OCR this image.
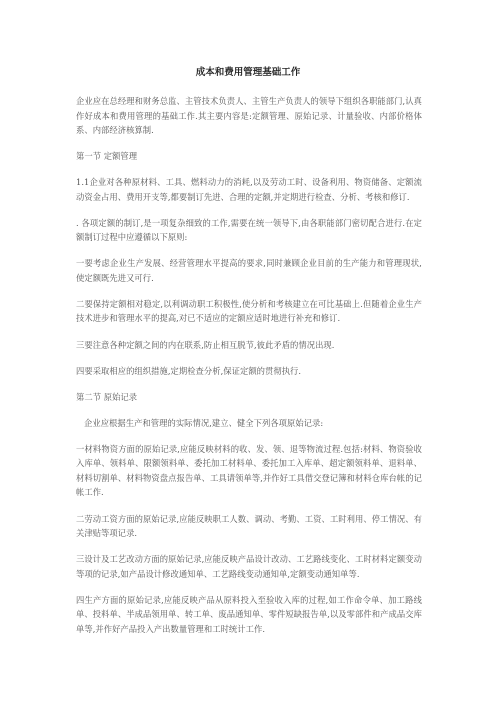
成本和费用管理基础工作

企业应在总经理和财务总监、主管技术负责人、主管生产负责人的领导下组织各职能部门,认真作好成本和费用管理的基础工作.其主要内容是:定额管理、原始记录、计量验收、内部价格体系、内部经济核算制.

第一节 定额管理

1.1企业对各种原材料、工具、燃料动力的消耗,以及劳动工时、设备利用、物资储备、定额流动资金占用、费用开支等,都要制订先进、合理的定额,并定期进行检查、分析、考核和修订.

. 各项定额的制订,是一项复杂细致的工作,需要在统一领导下,由各职能部门密切配合进行.在定额制订过程中应遵循以下原则:

一要考虑企业生产发展、经营管理水平提高的要求,同时兼顾企业目前的生产能力和管理现状,使定额既先进又可行.

二要保持定额相对稳定,以利调动职工积极性,使分析和考核建立在可比基础上.但随着企业生产技术进步和管理水平的提高,对已不适应的定额应适时地进行补充和修订.

三要注意各种定额之间的内在联系,防止相互脱节,彼此矛盾的情况出现.

四要采取相应的组织措施,定期检查分析,保证定额的贯彻执行.

第二节 原始记录

企业应根据生产和管理的实际情况,建立、健全下列各项原始记录:

一材料物资方面的原始记录,应能反映材料的收、发、领、退等物流过程.包括:材料、物资验收入库单、领料单、限额领料单、委托加工材料单、委托加工入库单、超定额领料单、退料单、材料切割单、材料物资盘点报告单、工具请领单等,并作好工具借交登记簿和材料仓库台帐的记帐工作.

二劳动工资方面的原始记录,应能反映职工人数、调动、考勤、工资、工时利用、停工情况、有关津贴等项记录.

三设计及工艺改动方面的原始记录,应能反映产品设计改动、工艺路线变化、工时材料定额变动等项的记录,如产品设计修改通知单、工艺路线变动通知单,定额变动通知单等.

四生产方面的原始记录,应能反映产品从原料投入至验收入库的过程,如工作命令单、加工路线单、投料单、半成品领用单、转工单、废品通知单、零件短缺报告单,以及零部件和产成品交库单等,并作好产品投入产出数量管理和工时统计工作.
